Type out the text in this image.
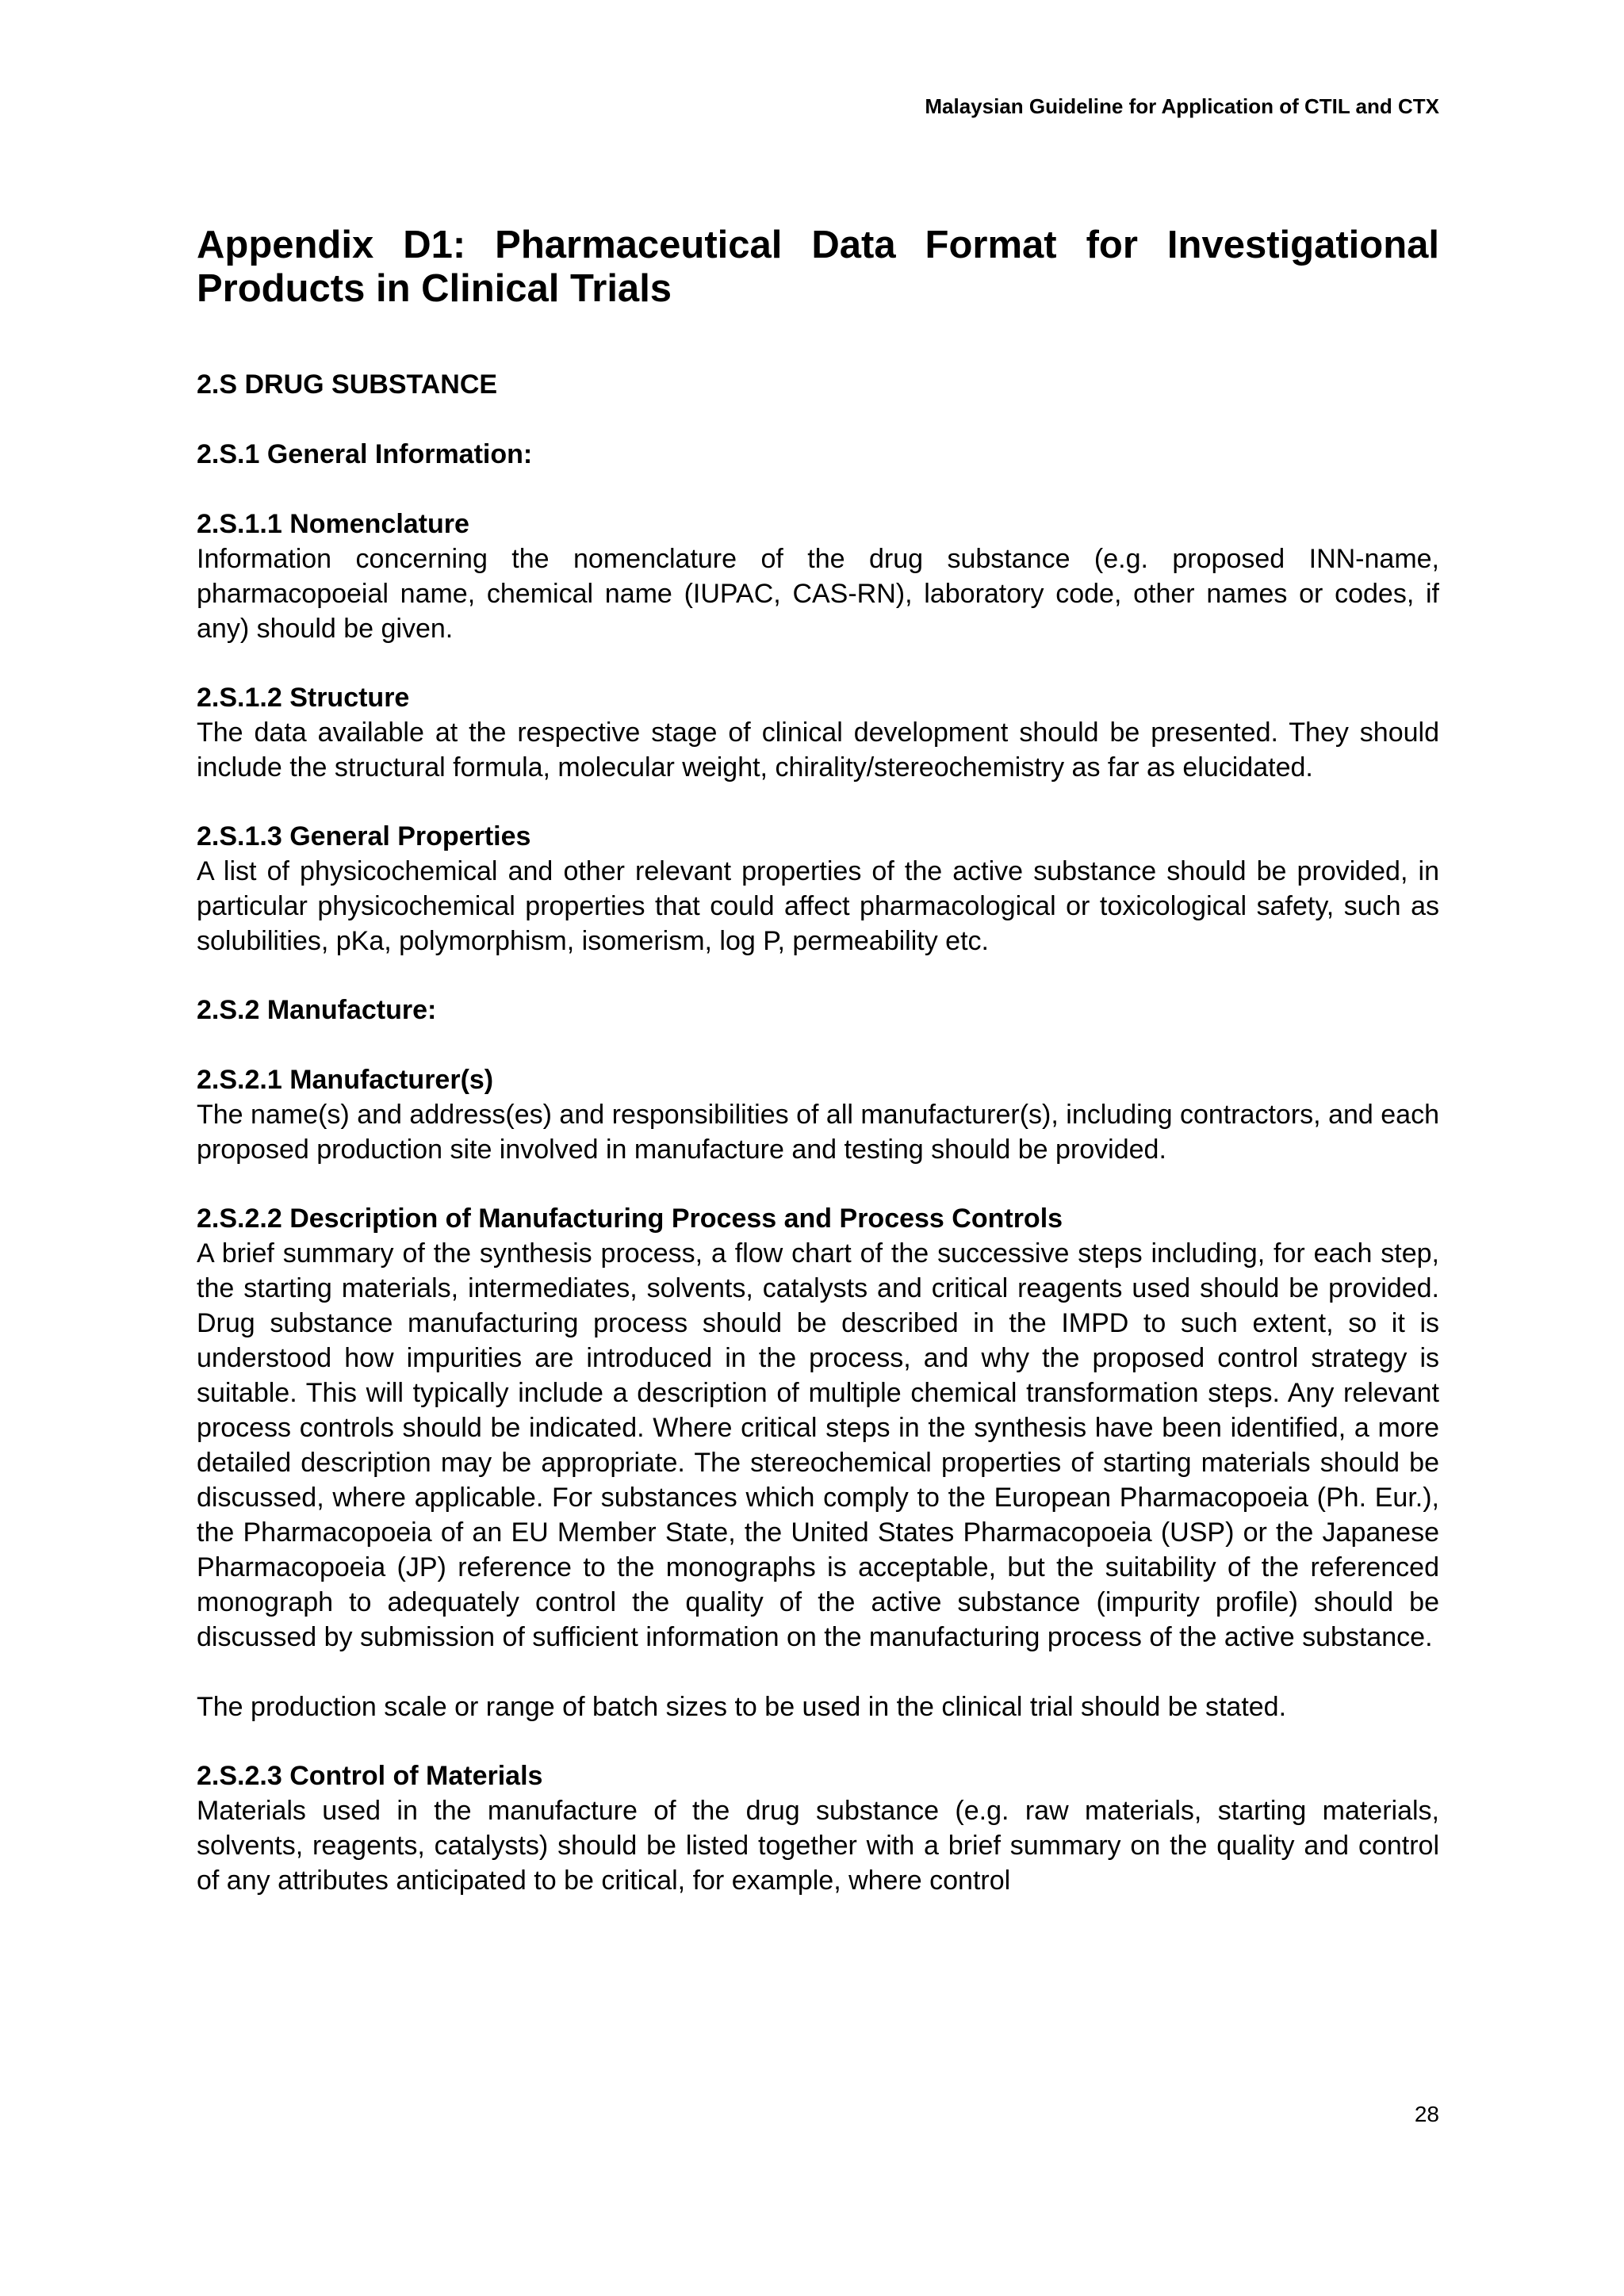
Malaysian Guideline for Application of CTIL and CTX
Appendix D1: Pharmaceutical Data Format for Investigational Products in Clinical Trials
2.S DRUG SUBSTANCE
2.S.1 General Information:
2.S.1.1 Nomenclature

Information concerning the nomenclature of the drug substance (e.g. proposed INN-name, pharmacopoeial name, chemical name (IUPAC, CAS-RN), laboratory code, other names or codes, if any) should be given.

2.S.1.2 Structure

The data available at the respective stage of clinical development should be presented. They should include the structural formula, molecular weight, chirality/stereochemistry as far as elucidated.

2.S.1.3 General Properties

A list of physicochemical and other relevant properties of the active substance should be provided, in particular physicochemical properties that could affect pharmacological or toxicological safety, such as solubilities, pKa, polymorphism, isomerism, log P, permeability etc.

2.S.2 Manufacture:
2.S.2.1 Manufacturer(s)

The name(s) and address(es) and responsibilities of all manufacturer(s), including contractors, and each proposed production site involved in manufacture and testing should be provided.

2.S.2.2 Description of Manufacturing Process and Process Controls

A brief summary of the synthesis process, a flow chart of the successive steps including, for each step, the starting materials, intermediates, solvents, catalysts and critical reagents used should be provided. Drug substance manufacturing process should be described in the IMPD to such extent, so it is understood how impurities are introduced in the process, and why the proposed control strategy is suitable. This will typically include a description of multiple chemical transformation steps. Any relevant process controls should be indicated. Where critical steps in the synthesis have been identified, a more detailed description may be appropriate. The stereochemical properties of starting materials should be discussed, where applicable. For substances which comply to the European Pharmacopoeia (Ph. Eur.), the Pharmacopoeia of an EU Member State, the United States Pharmacopoeia (USP) or the Japanese Pharmacopoeia (JP) reference to the monographs is acceptable, but the suitability of the referenced monograph to adequately control the quality of the active substance (impurity profile) should be discussed by submission of sufficient information on the manufacturing process of the active substance.

The production scale or range of batch sizes to be used in the clinical trial should be stated.

2.S.2.3 Control of Materials

Materials used in the manufacture of the drug substance (e.g. raw materials, starting materials, solvents, reagents, catalysts) should be listed together with a brief summary on the quality and control of any attributes anticipated to be critical, for example, where control

28
